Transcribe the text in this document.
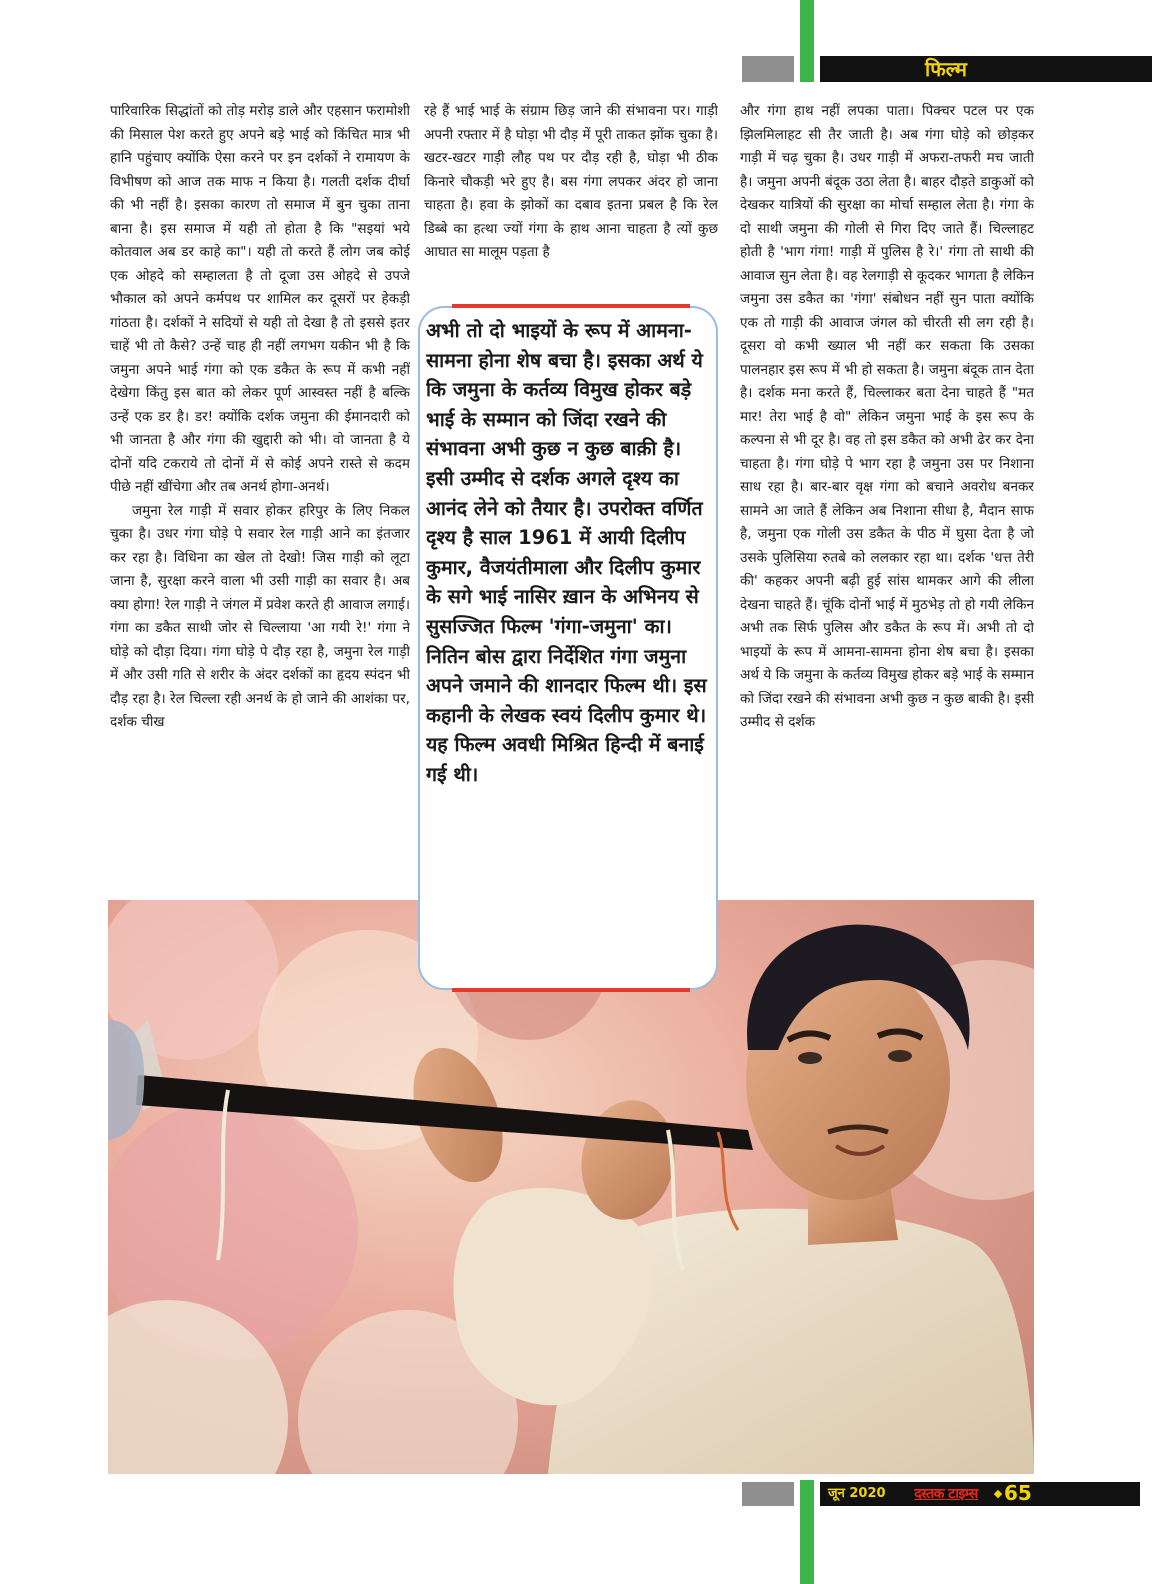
फिल्म

पारिवारिक सिद्धांतों को तोड़ मरोड़ डाले और एहसान फरामोशी की मिसाल पेश करते हुए अपने बड़े भाई को किंचित मात्र भी हानि पहुंचाए क्योंकि ऐसा करने पर इन दर्शकों ने रामायण के विभीषण को आज तक माफ न किया है। गलती दर्शक दीर्घा की भी नहीं है। इसका कारण तो समाज में बुन चुका ताना बाना है। इस समाज में यही तो होता है कि "सइयां भये कोतवाल अब डर काहे का"। यही तो करते हैं लोग जब कोई एक ओहदे को सम्हालता है तो दूजा उस ओहदे से उपजे भौकाल को अपने कर्मपथ पर शामिल कर दूसरों पर हेकड़ी गांठता है। दर्शकों ने सदियों से यही तो देखा है तो इससे इतर चाहें भी तो कैसे? उन्हें चाह ही नहीं लगभग यकीन भी है कि जमुना अपने भाई गंगा को एक डकैत के रूप में कभी नहीं देखेगा किंतु इस बात को लेकर पूर्ण आस्वस्त नहीं है बल्कि उन्हें एक डर है। डर! क्योंकि दर्शक जमुना की ईमानदारी को भी जानता है और गंगा की खुद्दारी को भी। वो जानता है ये दोनों यदि टकराये तो दोनों में से कोई अपने रास्ते से कदम पीछे नहीं खींचेगा और तब अनर्थ होगा-अनर्थ।

जमुना रेल गाड़ी में सवार होकर हरिपुर के लिए निकल चुका है। उधर गंगा घोड़े पे सवार रेल गाड़ी आने का इंतजार कर रहा है। विधिना का खेल तो देखो! जिस गाड़ी को लूटा जाना है, सुरक्षा करने वाला भी उसी गाड़ी का सवार है। अब क्या होगा! रेल गाड़ी ने जंगल में प्रवेश करते ही आवाज लगाई। गंगा का डकैत साथी जोर से चिल्लाया 'आ गयी रे!' गंगा ने घोड़े को दौड़ा दिया। गंगा घोड़े पे दौड़ रहा है, जमुना रेल गाड़ी में और उसी गति से शरीर के अंदर दर्शकों का हृदय स्पंदन भी दौड़ रहा है। रेल चिल्ला रही अनर्थ के हो जाने की आशंका पर, दर्शक चीख

रहे हैं भाई भाई के संग्राम छिड़ जाने की संभावना पर। गाड़ी अपनी रफ्तार में है घोड़ा भी दौड़ में पूरी ताकत झोंक चुका है। खटर-खटर गाड़ी लौह पथ पर दौड़ रही है, घोड़ा भी ठीक किनारे चौकड़ी भरे हुए है। बस गंगा लपकर अंदर हो जाना चाहता है। हवा के झोकों का दबाव इतना प्रबल है कि रेल डिब्बे का हत्था ज्यों गंगा के हाथ आना चाहता है त्यों कुछ आघात सा मालूम पड़ता है

और गंगा हाथ नहीं लपका पाता। पिक्चर पटल पर एक झिलमिलाहट सी तैर जाती है। अब गंगा घोड़े को छोड़कर गाड़ी में चढ़ चुका है। उधर गाड़ी में अफरा-तफरी मच जाती है। जमुना अपनी बंदूक उठा लेता है। बाहर दौड़ते डाकुओं को देखकर यात्रियों की सुरक्षा का मोर्चा सम्हाल लेता है। गंगा के दो साथी जमुना की गोली से गिरा दिए जाते हैं। चिल्लाहट होती है 'भाग गंगा! गाड़ी में पुलिस है रे।' गंगा तो साथी की आवाज सुन लेता है। वह रेलगाड़ी से कूदकर भागता है लेकिन जमुना उस डकैत का 'गंगा' संबोधन नहीं सुन पाता क्योंकि एक तो गाड़ी की आवाज जंगल को चीरती सी लग रही है। दूसरा वो कभी ख्याल भी नहीं कर सकता कि उसका पालनहार इस रूप में भी हो सकता है। जमुना बंदूक तान देता है। दर्शक मना करते हैं, चिल्लाकर बता देना चाहते हैं "मत मार! तेरा भाई है वो" लेकिन जमुना भाई के इस रूप के कल्पना से भी दूर है। वह तो इस डकैत को अभी ढेर कर देना चाहता है। गंगा घोड़े पे भाग रहा है जमुना उस पर निशाना साध रहा है। बार-बार वृक्ष गंगा को बचाने अवरोध बनकर सामने आ जाते हैं लेकिन अब निशाना सीधा है, मैदान साफ है, जमुना एक गोली उस डकैत के पीठ में घुसा देता है जो उसके पुलिसिया रुतबे को ललकार रहा था। दर्शक 'धत्त तेरी की' कहकर अपनी बढ़ी हुई सांस थामकर आगे की लीला देखना चाहते हैं। चूंकि दोनों भाई में मुठभेड़ तो हो गयी लेकिन अभी तक सिर्फ पुलिस और डकैत के रूप में। अभी तो दो भाइयों के रूप में आमना-सामना होना शेष बचा है। इसका अर्थ ये कि जमुना के कर्तव्य विमुख होकर बड़े भाई के सम्मान को जिंदा रखने की संभावना अभी कुछ न कुछ बाकी है। इसी उम्मीद से दर्शक

अभी तो दो भाइयों के रूप में आमना-सामना होना शेष बचा है। इसका अर्थ ये कि जमुना के कर्तव्य विमुख होकर बड़े भाई के सम्मान को जिंदा रखने की संभावना अभी कुछ न कुछ बाक़ी है। इसी उम्मीद से दर्शक अगले दृश्य का आनंद लेने को तैयार है। उपरोक्त वर्णित दृश्य है साल 1961 में आयी दिलीप कुमार, वैजयंतीमाला और दिलीप कुमार के सगे भाई नासिर ख़ान के अभिनय से सुसज्जित फिल्म 'गंगा-जमुना' का। नितिन बोस द्वारा निर्देशित गंगा जमुना अपने जमाने की शानदार फिल्म थी। इस कहानी के लेखक स्वयं दिलीप कुमार थे। यह फिल्म अवधी मिश्रित हिन्दी में बनाई गई थी।
जून 2020	दस्तक टाइम्स	◆ 65
